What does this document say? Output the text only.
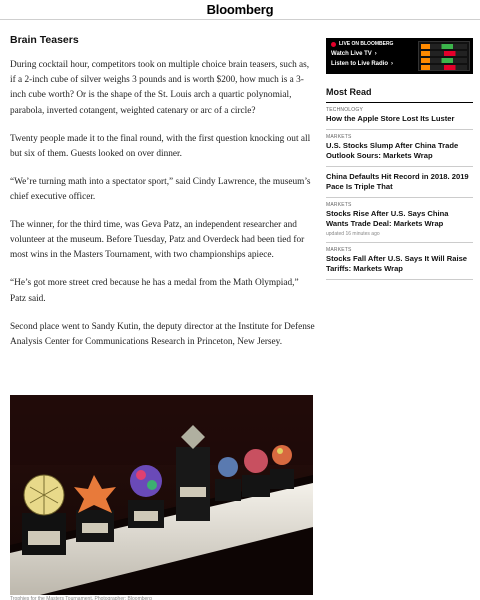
Bloomberg
Brain Teasers

During cocktail hour, competitors took on multiple choice brain teasers, such as, if a 2-inch cube of silver weighs 3 pounds and is worth $200, how much is a 3-inch cube worth? Or is the shape of the St. Louis arch a quartic polynomial, parabola, inverted cotangent, weighted catenary or arc of a circle?

Twenty people made it to the final round, with the first question knocking out all but six of them. Guests looked on over dinner.

“We’re turning math into a spectator sport,” said Cindy Lawrence, the museum’s chief executive officer.

The winner, for the third time, was Geva Patz, an independent researcher and volunteer at the museum. Before Tuesday, Patz and Overdeck had been tied for most wins in the Masters Tournament, with two championships apiece.

“He’s got more street cred because he has a medal from the Math Olympiad,” Patz said.

Second place went to Sandy Kutin, the deputy director at the Institute for Defense Analysis Center for Communications Research in Princeton, New Jersey.

Trophies for the Masters Tournament. Photographer: Bloomberg
LIVE ON BLOOMBERG
Watch Live TV ›
Listen to Live Radio ›
Most Read
TECHNOLOGY
How the Apple Store Lost Its Luster
MARKETS
U.S. Stocks Slump After China Trade Outlook Sours: Markets Wrap
China Defaults Hit Record in 2018. 2019 Pace Is Triple That
MARKETS
Stocks Rise After U.S. Says China Wants Trade Deal: Markets Wrap
updated 16 minutes ago
MARKETS
Stocks Fall After U.S. Says It Will Raise Tariffs: Markets Wrap
